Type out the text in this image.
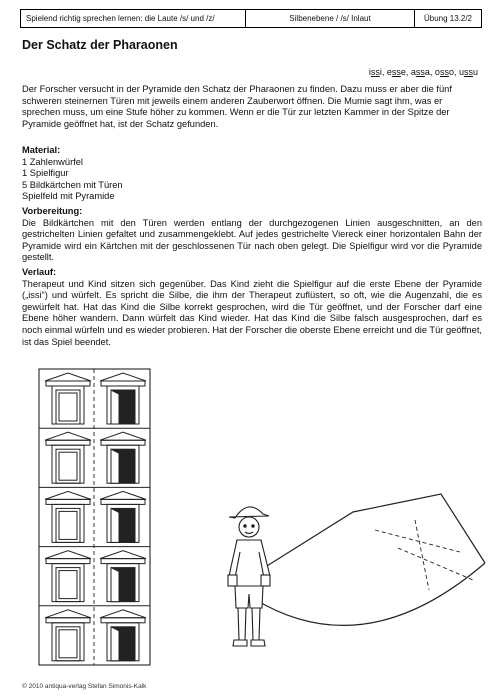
Spielend richtig sprechen lernen: die Laute /s/ und /z/	Silbenebene / /s/ Inlaut	Übung 13.2/2
Der Schatz der Pharaonen
issi, esse, assa, osso, ussu
Der Forscher versucht in der Pyramide den Schatz der Pharaonen zu finden. Dazu muss er aber die fünf schweren steinernen Türen mit jeweils einem anderen Zauberwort öffnen. Die Mumie sagt ihm, was er sprechen muss, um eine Stufe höher zu kommen. Wenn er die Tür zur letzten Kammer in der Spitze der Pyramide geöffnet hat, ist der Schatz gefunden.
Material:
1 Zahlenwürfel
1 Spielfigur
5 Bildkärtchen mit Türen
Spielfeld mit Pyramide
Vorbereitung:
Die Bildkärtchen mit den Türen werden entlang der durchgezogenen Linien ausgeschnitten, an den gestrichelten Linien gefaltet und zusammengeklebt. Auf jedes gestrichelte Viereck einer horizontalen Bahn der Pyramide wird ein Kärtchen mit der geschlossenen Tür nach oben gelegt. Die Spielfigur wird vor die Pyramide gestellt.
Verlauf:
Therapeut und Kind sitzen sich gegenüber. Das Kind zieht die Spielfigur auf die erste Ebene der Pyramide („issi“) und würfelt. Es spricht die Silbe, die ihm der Therapeut zuflüstert, so oft, wie die Augenzahl, die es gewürfelt hat. Hat das Kind die Silbe korrekt gesprochen, wird die Tür geöffnet, und der Forscher darf eine Ebene höher wandern. Dann würfelt das Kind wieder. Hat das Kind die Silbe falsch ausgesprochen, darf es noch einmal würfeln und es wieder probieren. Hat der Forscher die oberste Ebene erreicht und die Tür geöffnet, ist das Spiel beendet.
© 2010 antiqua-verlag Stefan Simonis-Kalk
